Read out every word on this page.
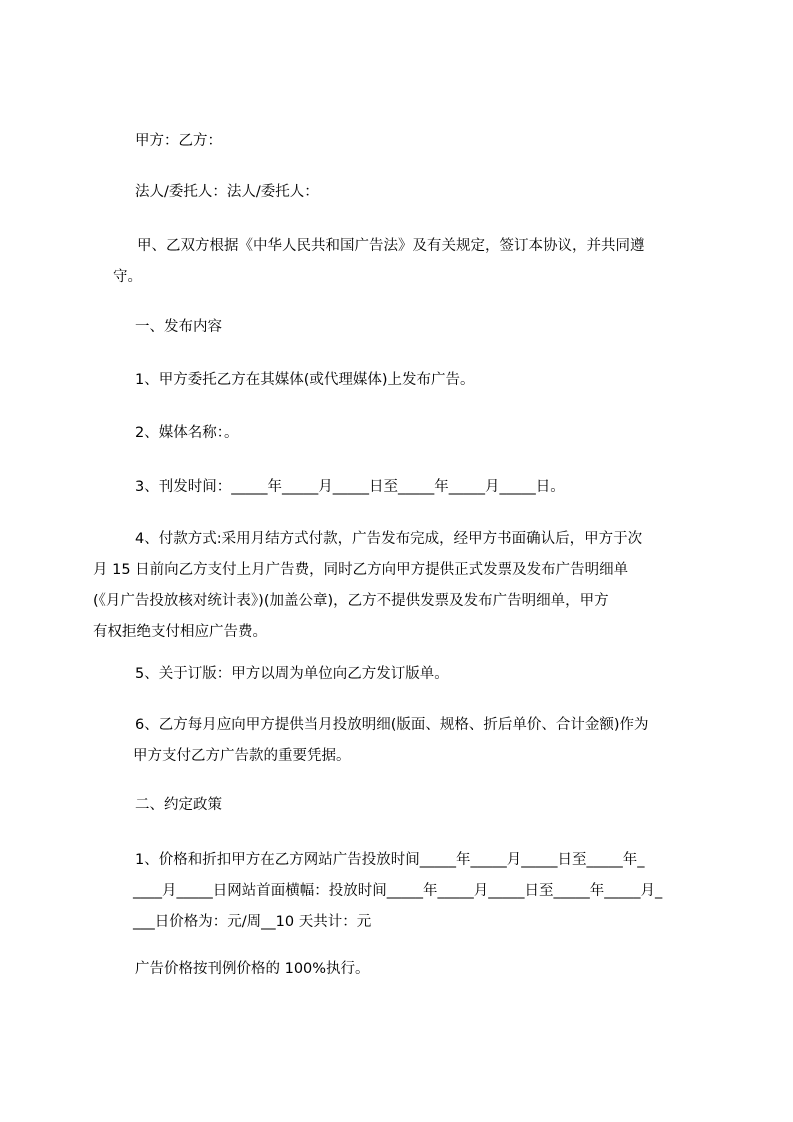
甲方：乙方：

法人/委托人：法人/委托人：

甲、乙双方根据《中华人民共和国广告法》及有关规定，签订本协议，并共同遵
守。

一、发布内容

1、甲方委托乙方在其媒体(或代理媒体)上发布广告。

2、媒体名称：。

3、刊发时间：_____年_____月_____日至_____年_____月_____日。

4、付款方式:采用月结方式付款，广告发布完成，经甲方书面确认后，甲方于次
月 15 日前向乙方支付上月广告费，同时乙方向甲方提供正式发票及发布广告明细单
(《月广告投放核对统计表》)(加盖公章)，乙方不提供发票及发布广告明细单，甲方
有权拒绝支付相应广告费。

5、关于订版：甲方以周为单位向乙方发订版单。

6、乙方每月应向甲方提供当月投放明细(版面、规格、折后单价、合计金额)作为
甲方支付乙方广告款的重要凭据。

二、约定政策

1、价格和折扣甲方在乙方网站广告投放时间_____年_____月_____日至_____年_
____月_____日网站首面横幅：投放时间_____年_____月_____日至_____年_____月_
___日价格为：元/周__10 天共计：元

广告价格按刊例价格的 100%执行。
